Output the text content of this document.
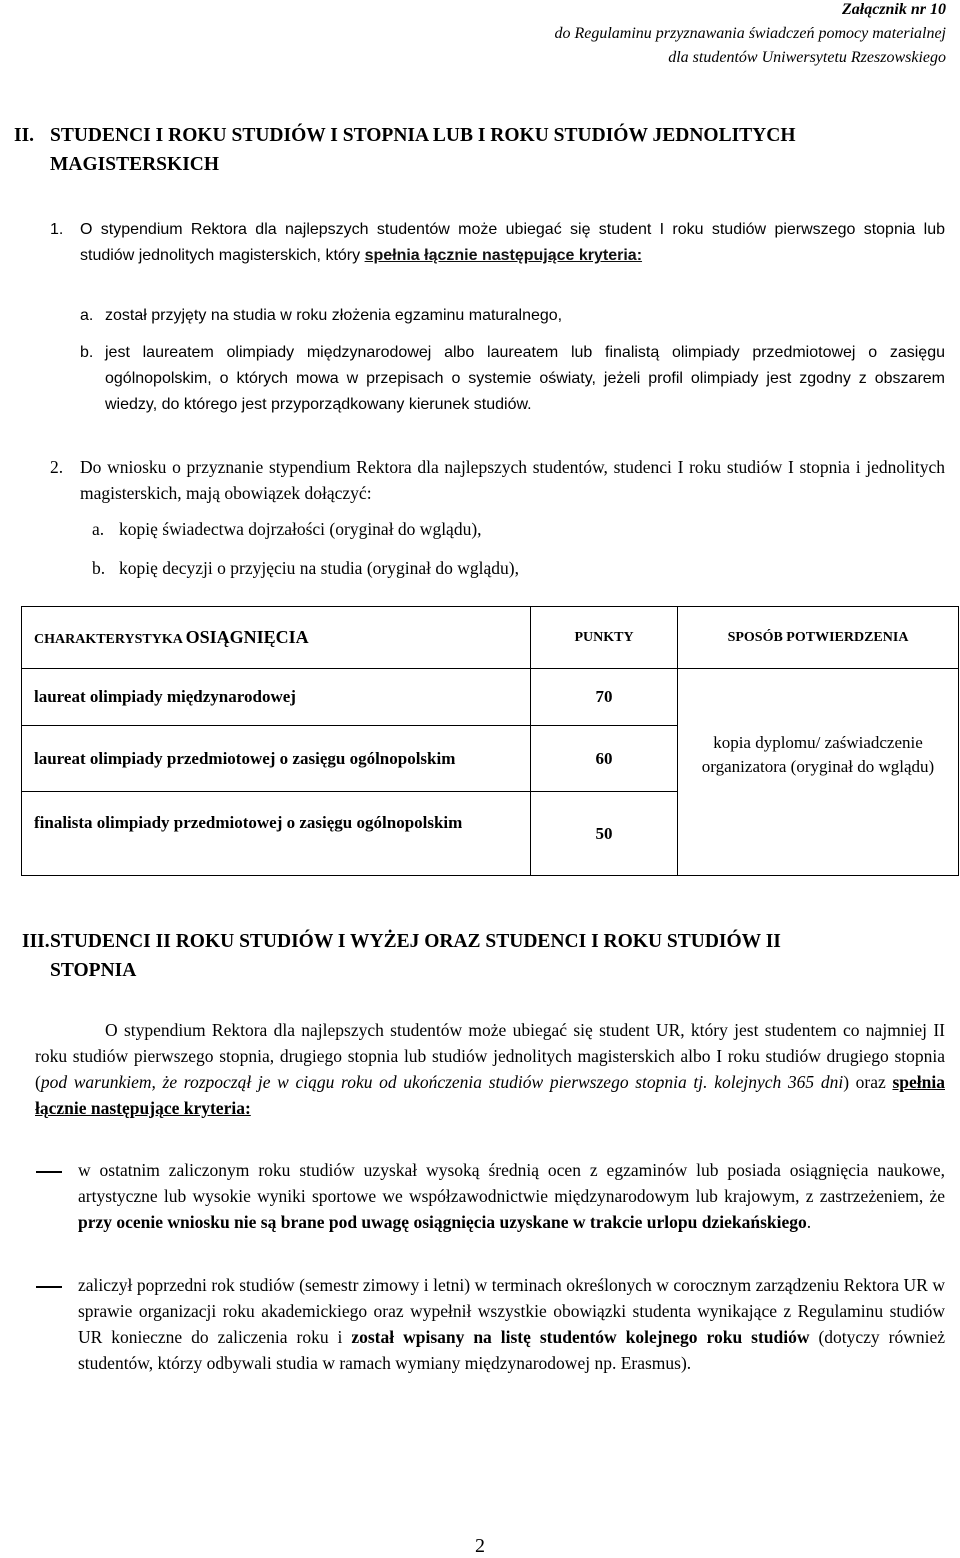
Załącznik nr 10
do Regulaminu przyznawania świadczeń pomocy materialnej
dla studentów Uniwersytetu Rzeszowskiego
II. STUDENCI I ROKU STUDIÓW I STOPNIA LUB I ROKU STUDIÓW JEDNOLITYCH
MAGISTERSKICH
1. O stypendium Rektora dla najlepszych studentów może ubiegać się student I roku studiów pierwszego stopnia lub studiów jednolitych magisterskich, który spełnia łącznie następujące kryteria:
a. został przyjęty na studia w roku złożenia egzaminu maturalnego,
b. jest laureatem olimpiady międzynarodowej albo laureatem lub finalistą olimpiady przedmiotowej o zasięgu ogólnopolskim, o których mowa w przepisach o systemie oświaty, jeżeli profil olimpiady jest zgodny z obszarem wiedzy, do którego jest przyporządkowany kierunek studiów.
2. Do wniosku o przyznanie stypendium Rektora dla najlepszych studentów, studenci I roku studiów I stopnia i jednolitych magisterskich, mają obowiązek dołączyć:
a. kopię świadectwa dojrzałości (oryginał do wglądu),
b. kopię decyzji o przyjęciu na studia (oryginał do wglądu),
CHARAKTERYSTYKA OSIĄGNIĘCIA	PUNKTY	SPOSÓB POTWIERDZENIA
laureat olimpiady międzynarodowej	70	kopia dyplomu/ zaświadczenie organizatora (oryginał do wglądu)
laureat olimpiady przedmiotowej o zasięgu ogólnopolskim	60	
finalista olimpiady przedmiotowej o zasięgu ogólnopolskim	50	
III. STUDENCI II ROKU STUDIÓW I WYŻEJ ORAZ STUDENCI I ROKU STUDIÓW II
STOPNIA
O stypendium Rektora dla najlepszych studentów może ubiegać się student UR, który jest studentem co najmniej II roku studiów pierwszego stopnia, drugiego stopnia lub studiów jednolitych magisterskich albo I roku studiów drugiego stopnia (pod warunkiem, że rozpoczął je w ciągu roku od ukończenia studiów pierwszego stopnia tj. kolejnych 365 dni) oraz spełnia łącznie następujące kryteria:
w ostatnim zaliczonym roku studiów uzyskał wysoką średnią ocen z egzaminów lub posiada osiągnięcia naukowe, artystyczne lub wysokie wyniki sportowe we współzawodnictwie międzynarodowym lub krajowym, z zastrzeżeniem, że przy ocenie wniosku nie są brane pod uwagę osiągnięcia uzyskane w trakcie urlopu dziekańskiego.
zaliczył poprzedni rok studiów (semestr zimowy i letni) w terminach określonych w corocznym zarządzeniu Rektora UR w sprawie organizacji roku akademickiego oraz wypełnił wszystkie obowiązki studenta wynikające z Regulaminu studiów UR konieczne do zaliczenia roku i został wpisany na listę studentów kolejnego roku studiów (dotyczy również studentów, którzy odbywali studia w ramach wymiany międzynarodowej np. Erasmus).
2
